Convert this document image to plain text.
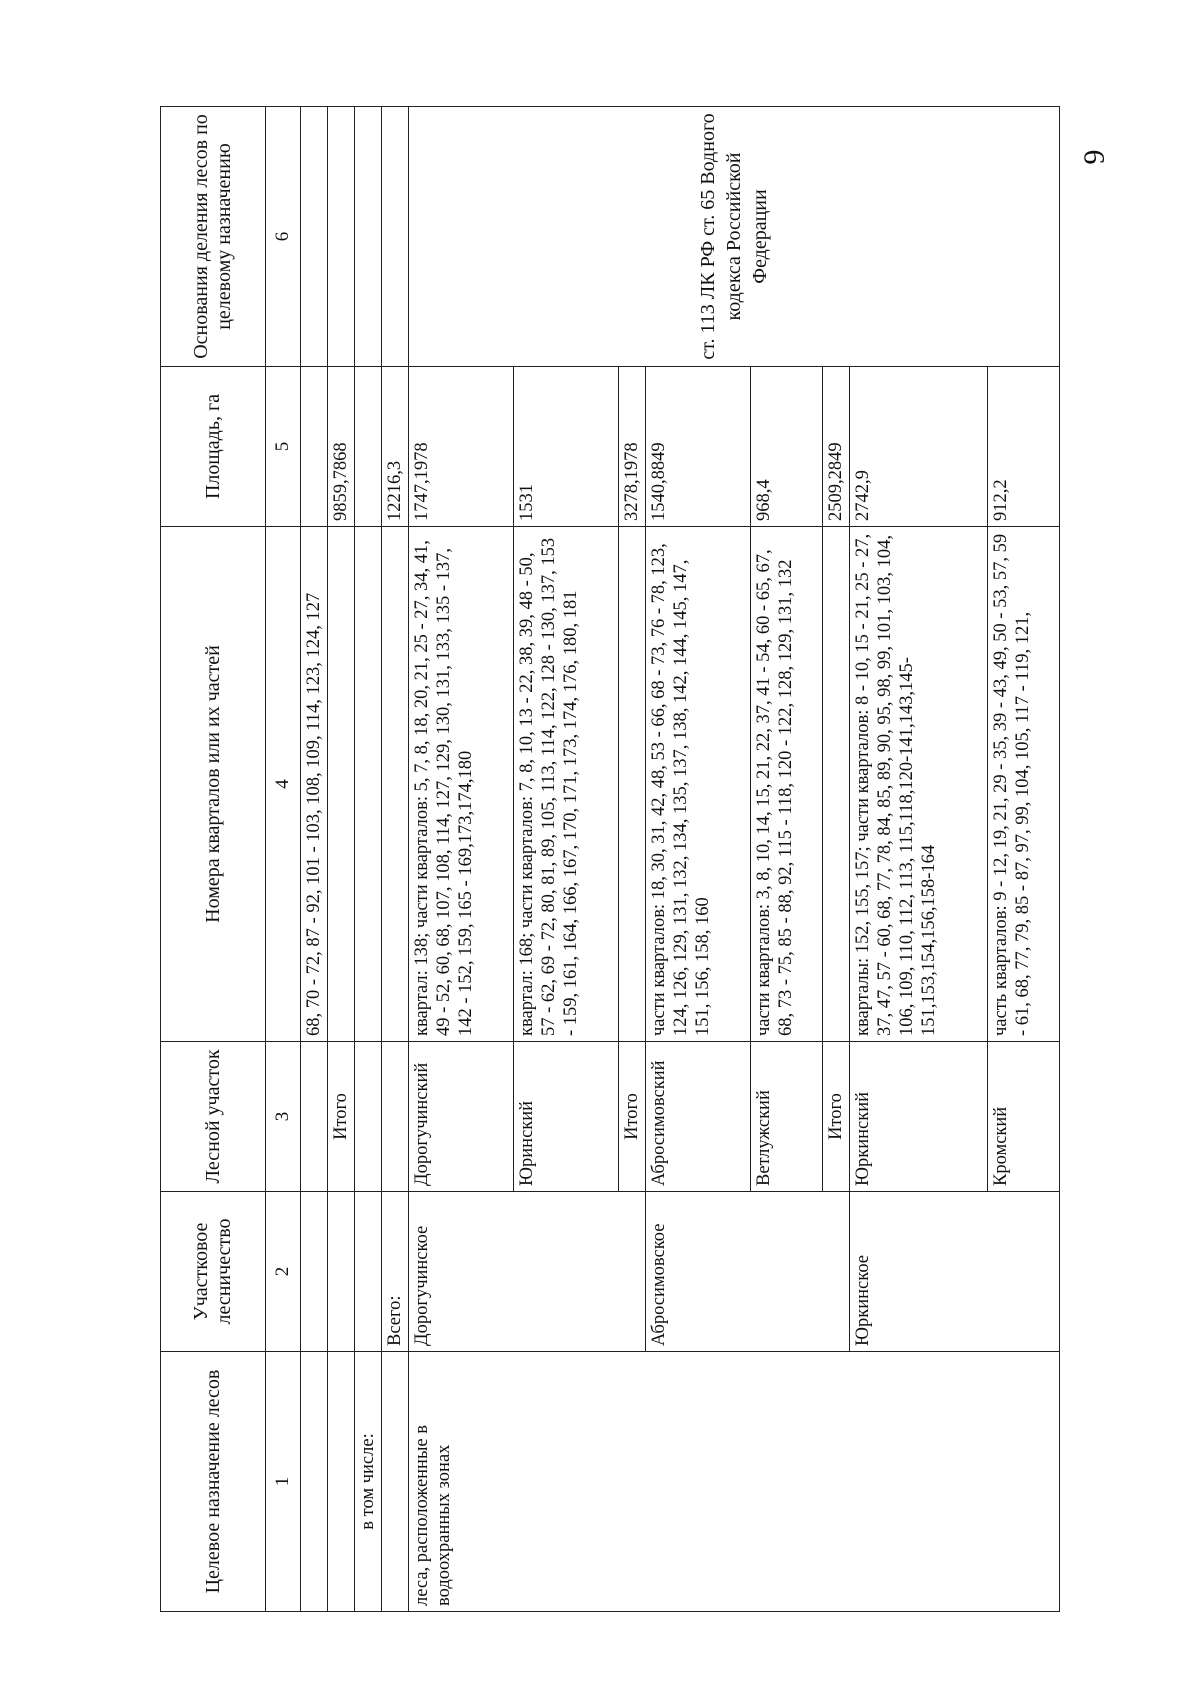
6
Целевое назначение лесов	Участковое лесничество	Лесной участок	Номера кварталов или их частей	Площадь, га	Основания деления лесов по целевому назначению
1	2	3	4	5	6
			68, 70 - 72, 87 - 92, 101 - 103, 108, 109, 114, 123, 124, 127		
		Итого		9859,7868	
в том числе:					
	Всего:			12216,3	
леса, расположенные в водоохранных зонах	Дорогучинское	Дорогучинский	квартал: 138; части кварталов: 5, 7, 8, 18, 20, 21, 25 - 27, 34, 41, 49 - 52, 60, 68, 107, 108, 114, 127, 129, 130, 131, 133, 135 - 137, 142 - 152, 159, 165 - 169,173,174,180	1747,1978	ст. 113 ЛК РФ ст. 65 Водного кодекса Российской Федерации
		Юринский	квартал: 168; части кварталов: 7, 8, 10, 13 - 22, 38, 39, 48 - 50, 57 - 62, 69 - 72, 80, 81, 89, 105, 113, 114, 122, 128 - 130, 137, 153 - 159, 161, 164, 166, 167, 170, 171, 173, 174, 176, 180, 181	1531	
		Итого		3278,1978	
	Абросимовское	Абросимовский	части кварталов: 18, 30, 31, 42, 48, 53 - 66, 68 - 73, 76 - 78, 123, 124, 126, 129, 131, 132, 134, 135, 137, 138, 142, 144, 145, 147, 151, 156, 158, 160	1540,8849	
		Ветлужский	части кварталов: 3, 8, 10, 14, 15, 21, 22, 37, 41 - 54, 60 - 65, 67, 68, 73 - 75, 85 - 88, 92, 115 - 118, 120 - 122, 128, 129, 131, 132	968,4	
		Итого		2509,2849	
	Юркинское	Юркинский	кварталы: 152, 155, 157; части кварталов: 8 - 10, 15 - 21, 25 - 27, 37, 47, 57 - 60, 68, 77, 78, 84, 85, 89, 90, 95, 98, 99, 101, 103, 104, 106, 109, 110, 112, 113, 115,118,120-141,143,145-151,153,154,156,158-164	2742,9	
		Кромский	часть кварталов: 9 - 12, 19, 21, 29 - 35, 39 - 43, 49, 50 - 53, 57, 59 - 61, 68, 77, 79, 85 - 87, 97, 99, 104, 105, 117 - 119, 121,	912,2	
